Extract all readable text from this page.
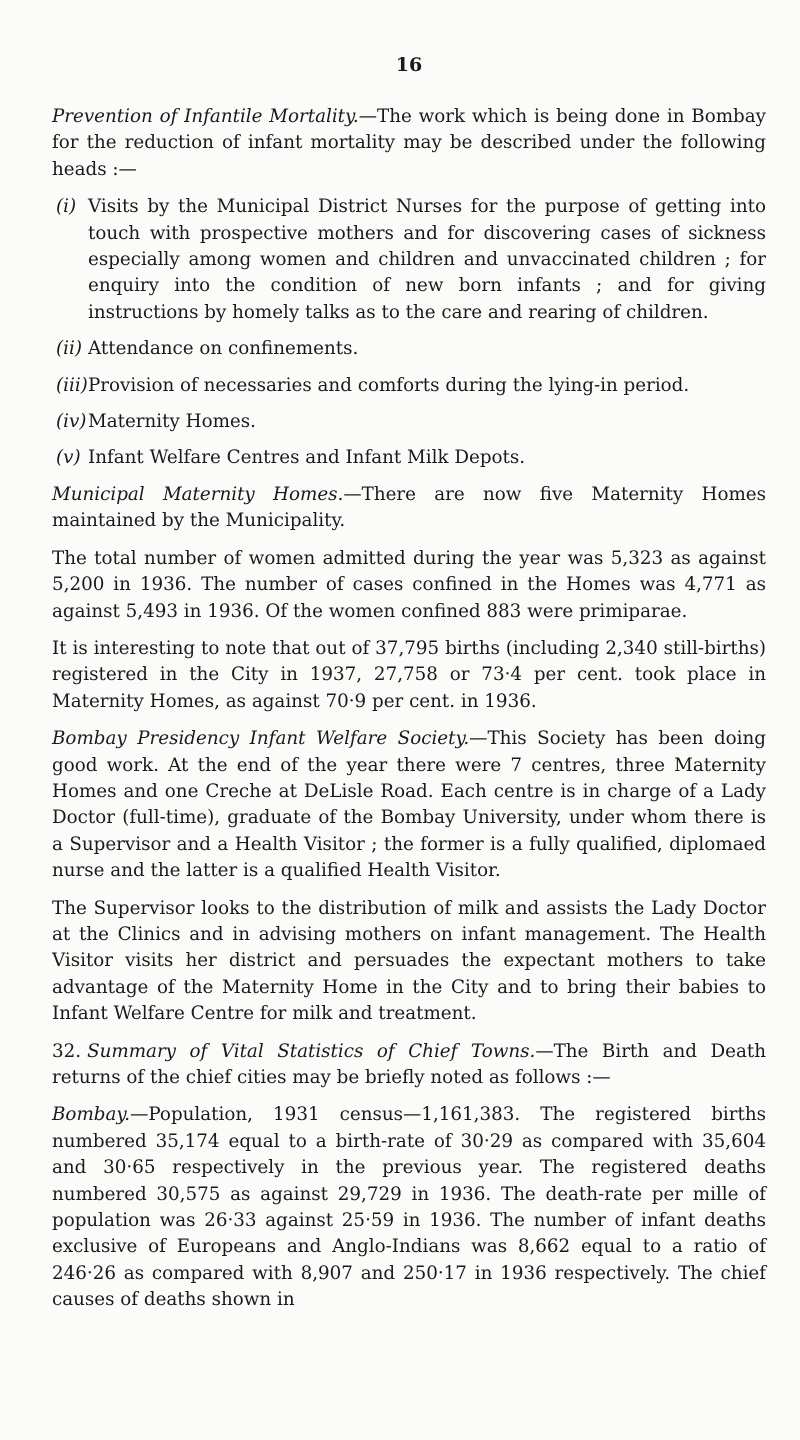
16

Prevention of Infantile Mortality.—The work which is being done in Bombay for the reduction of infant mortality may be described under the following heads :—

(i) Visits by the Municipal District Nurses for the purpose of getting into touch with prospective mothers and for discovering cases of sickness especially among women and children and unvaccinated children ; for enquiry into the condition of new born infants ; and for giving instructions by homely talks as to the care and rearing of children.
(ii) Attendance on confinements.
(iii) Provision of necessaries and comforts during the lying-in period.
(iv) Maternity Homes.
(v) Infant Welfare Centres and Infant Milk Depots.

Municipal Maternity Homes.—There are now five Maternity Homes maintained by the Municipality.

The total number of women admitted during the year was 5,323 as against 5,200 in 1936. The number of cases confined in the Homes was 4,771 as against 5,493 in 1936. Of the women confined 883 were primiparae.

It is interesting to note that out of 37,795 births (including 2,340 still-births) registered in the City in 1937, 27,758 or 73·4 per cent. took place in Maternity Homes, as against 70·9 per cent. in 1936.

Bombay Presidency Infant Welfare Society.—This Society has been doing good work. At the end of the year there were 7 centres, three Maternity Homes and one Creche at DeLisle Road. Each centre is in charge of a Lady Doctor (full-time), graduate of the Bombay University, under whom there is a Supervisor and a Health Visitor ; the former is a fully qualified, diplomaed nurse and the latter is a qualified Health Visitor.

The Supervisor looks to the distribution of milk and assists the Lady Doctor at the Clinics and in advising mothers on infant management. The Health Visitor visits her district and persuades the expectant mothers to take advantage of the Maternity Home in the City and to bring their babies to Infant Welfare Centre for milk and treatment.

32. Summary of Vital Statistics of Chief Towns.—The Birth and Death returns of the chief cities may be briefly noted as follows :—

Bombay.—Population, 1931 census—1,161,383. The registered births numbered 35,174 equal to a birth-rate of 30·29 as compared with 35,604 and 30·65 respectively in the previous year. The registered deaths numbered 30,575 as against 29,729 in 1936. The death-rate per mille of population was 26·33 against 25·59 in 1936. The number of infant deaths exclusive of Europeans and Anglo-Indians was 8,662 equal to a ratio of 246·26 as compared with 8,907 and 250·17 in 1936 respectively. The chief causes of deaths shown in
